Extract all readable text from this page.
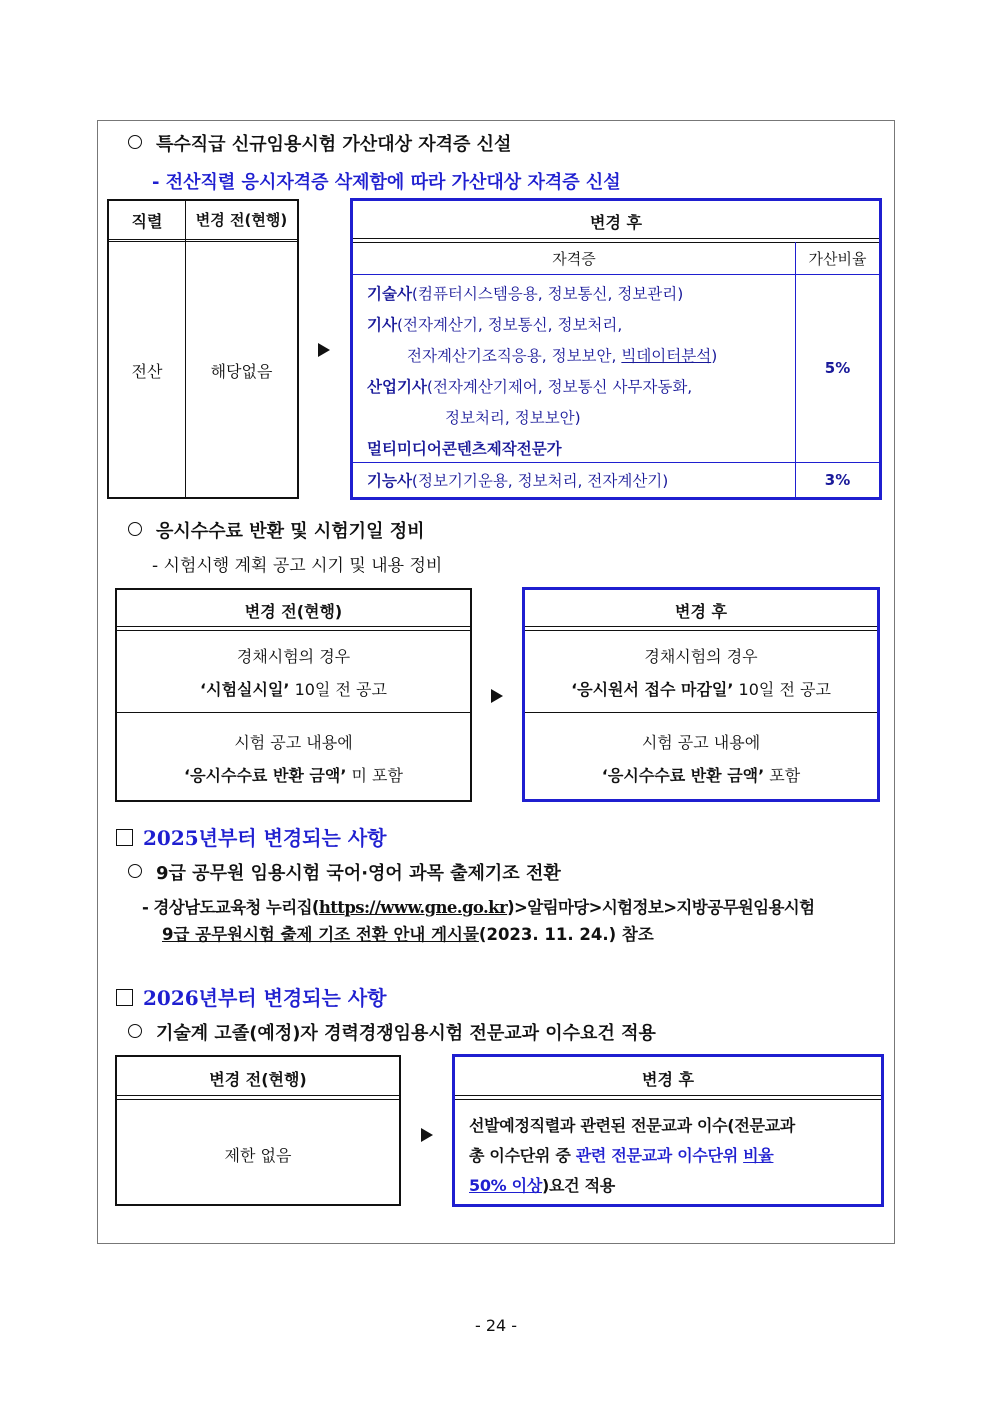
특수직급 신규임용시험 가산대상 자격증 신설
- 전산직렬 응시자격증 삭제함에 따라 가산대상 자격증 신설
직렬	변경 전(현행)
전산	해당없음
변경 후
자격증	가산비율
기술사(컴퓨터시스템응용, 정보통신, 정보관리)
기사(전자계산기, 정보통신, 정보처리,
전자계산기조직응용, 정보보안, 빅데이터분석)
산업기사(전자계산기제어, 정보통신 사무자동화,
정보처리, 정보보안)
멀티미디어콘텐츠제작전문가
5%
기능사(정보기기운용, 정보처리, 전자계산기)	3%
응시수수료 반환 및 시험기일 정비
- 시험시행 계획 공고 시기 및 내용 정비
변경 전(현행)
경채시험의 경우
‘시험실시일’ 10일 전 공고
시험 공고 내용에
‘응시수수료 반환 금액’ 미 포함
변경 후
경채시험의 경우
‘응시원서 접수 마감일’ 10일 전 공고
시험 공고 내용에
‘응시수수료 반환 금액’ 포함
2025년부터 변경되는 사항
9급 공무원 임용시험 국어·영어 과목 출제기조 전환
- 경상남도교육청 누리집(https://www.gne.go.kr)>알림마당>시험정보>지방공무원임용시험
9급 공무원시험 출제 기조 전환 안내 게시물(2023. 11. 24.) 참조
2026년부터 변경되는 사항
기술계 고졸(예정)자 경력경쟁임용시험 전문교과 이수요건 적용
변경 전(현행)
제한 없음
변경 후
선발예정직렬과 관련된 전문교과 이수(전문교과
총 이수단위 중 관련 전문교과 이수단위 비율
50% 이상)요건 적용
- 24 -
